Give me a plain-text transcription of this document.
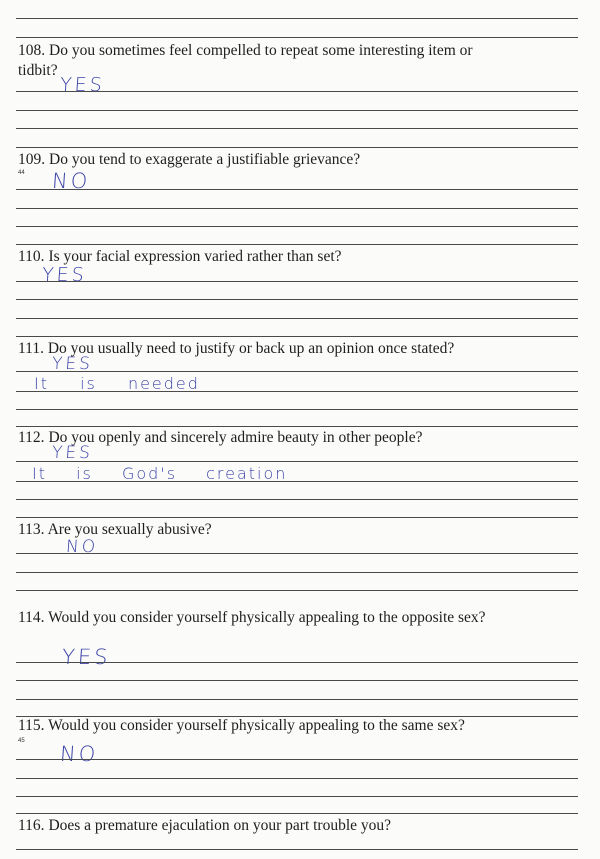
108. Do you sometimes feel compelled to repeat some interesting item or tidbit?
YES
109. Do you tend to exaggerate a justifiable grievance?
44 NO
110. Is your facial expression varied rather than set?
YES
111. Do you usually need to justify or back up an opinion once stated?
YES
It is needed
112. Do you openly and sincerely admire beauty in other people?
YES
It is God's creation
113. Are you sexually abusive?
NO
114. Would you consider yourself physically appealing to the opposite sex?
YES
115. Would you consider yourself physically appealing to the same sex?
45
NO
116. Does a premature ejaculation on your part trouble you?
